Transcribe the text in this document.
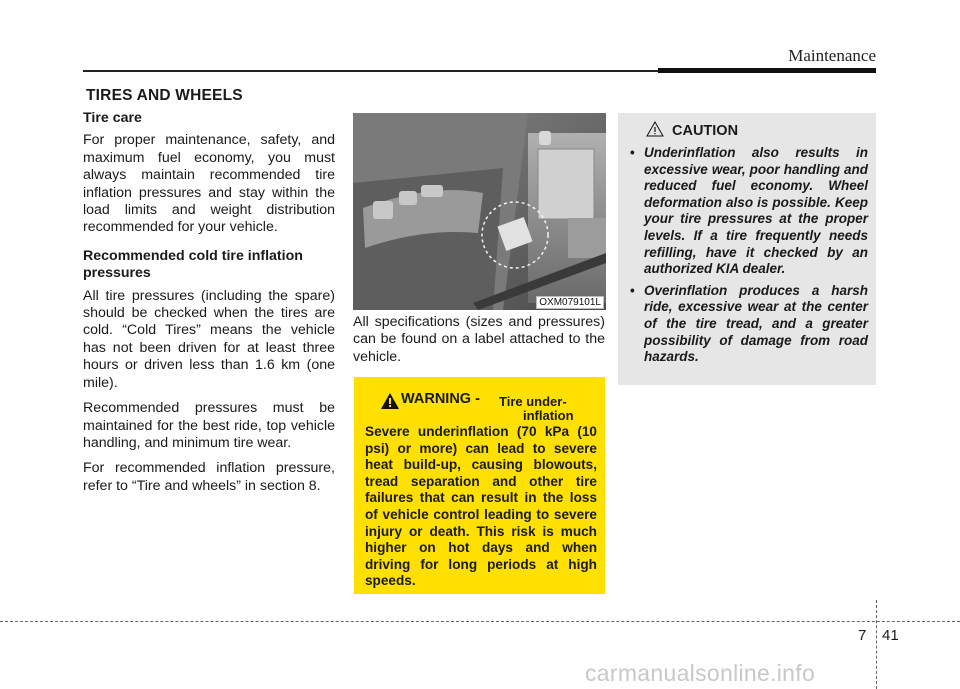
Maintenance
TIRES AND WHEELS
Tire care

For proper maintenance, safety, and maximum fuel economy, you must always maintain recommended tire inflation pressures and stay within the load limits and weight distribution recommended for your vehicle.

Recommended cold tire inflation pressures

All tire pressures (including the spare) should be checked when the tires are cold. “Cold Tires” means the vehicle has not been driven for at least three hours or driven less than 1.6 km (one mile).

Recommended pressures must be maintained for the best ride, top vehicle handling, and minimum tire wear.

For recommended inflation pressure, refer to “Tire and wheels” in section 8.

OXM079101L

All specifications (sizes and pressures) can be found on a label attached to the vehicle.

WARNING - Tire under-
inflation

Severe underinflation (70 kPa (10 psi) or more) can lead to severe heat build-up, causing blowouts, tread separation and other tire failures that can result in the loss of vehicle control leading to severe injury or death. This risk is much higher on hot days and when driving for long periods at high speeds.

CAUTION
• Underinflation also results in excessive wear, poor handling and reduced fuel economy. Wheel deformation also is possible. Keep your tire pressures at the proper levels. If a tire frequently needs refilling, have it checked by an authorized KIA dealer.
• Overinflation produces a harsh ride, excessive wear at the center of the tire tread, and a greater possibility of damage from road hazards.
7 41
carmanualsonline.info
